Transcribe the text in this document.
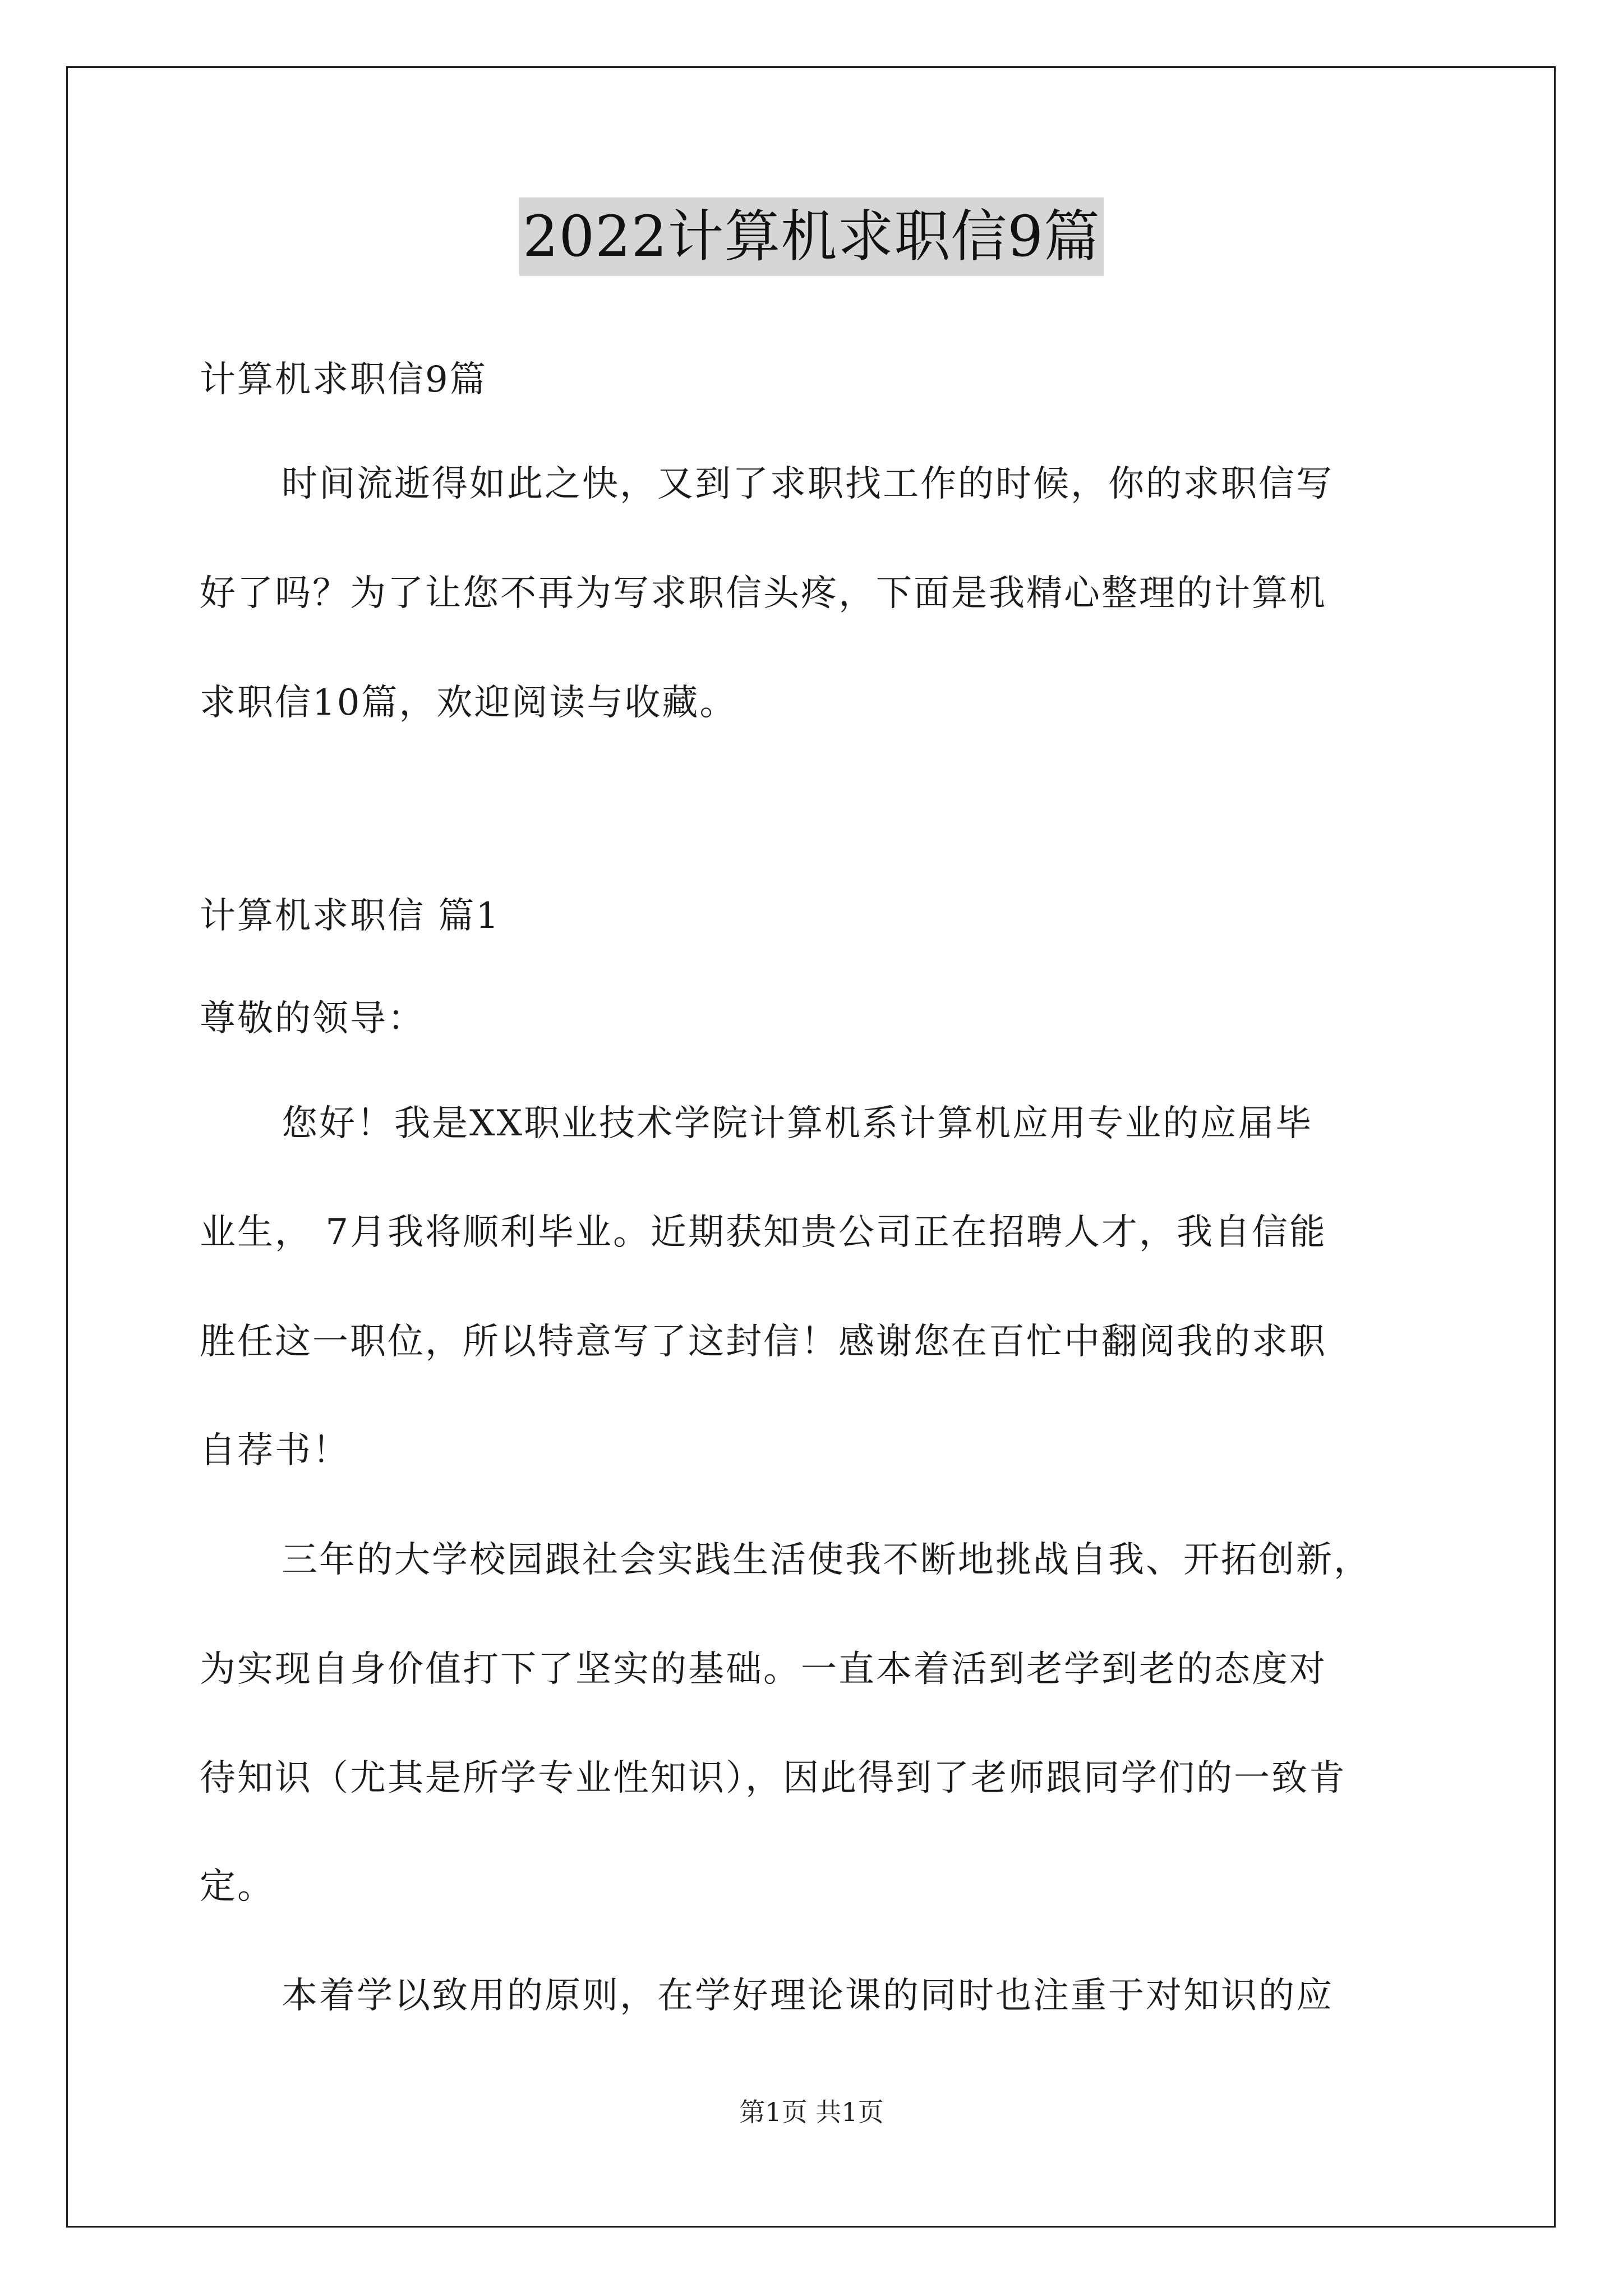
2022计算机求职信9篇
计算机求职信9篇
时间流逝得如此之快，又到了求职找工作的时候，你的求职信写
好了吗？为了让您不再为写求职信头疼，下面是我精心整理的计算机
求职信10篇，欢迎阅读与收藏。
计算机求职信 篇1
尊敬的领导：
您好！我是XX职业技术学院计算机系计算机应用专业的应届毕
业生， 7月我将顺利毕业。近期获知贵公司正在招聘人才，我自信能
胜任这一职位，所以特意写了这封信！感谢您在百忙中翻阅我的求职
自荐书！
三年的大学校园跟社会实践生活使我不断地挑战自我、开拓创新，
为实现自身价值打下了坚实的基础。一直本着活到老学到老的态度对
待知识（尤其是所学专业性知识），因此得到了老师跟同学们的一致肯
定。
本着学以致用的原则，在学好理论课的同时也注重于对知识的应
第1页 共1页
